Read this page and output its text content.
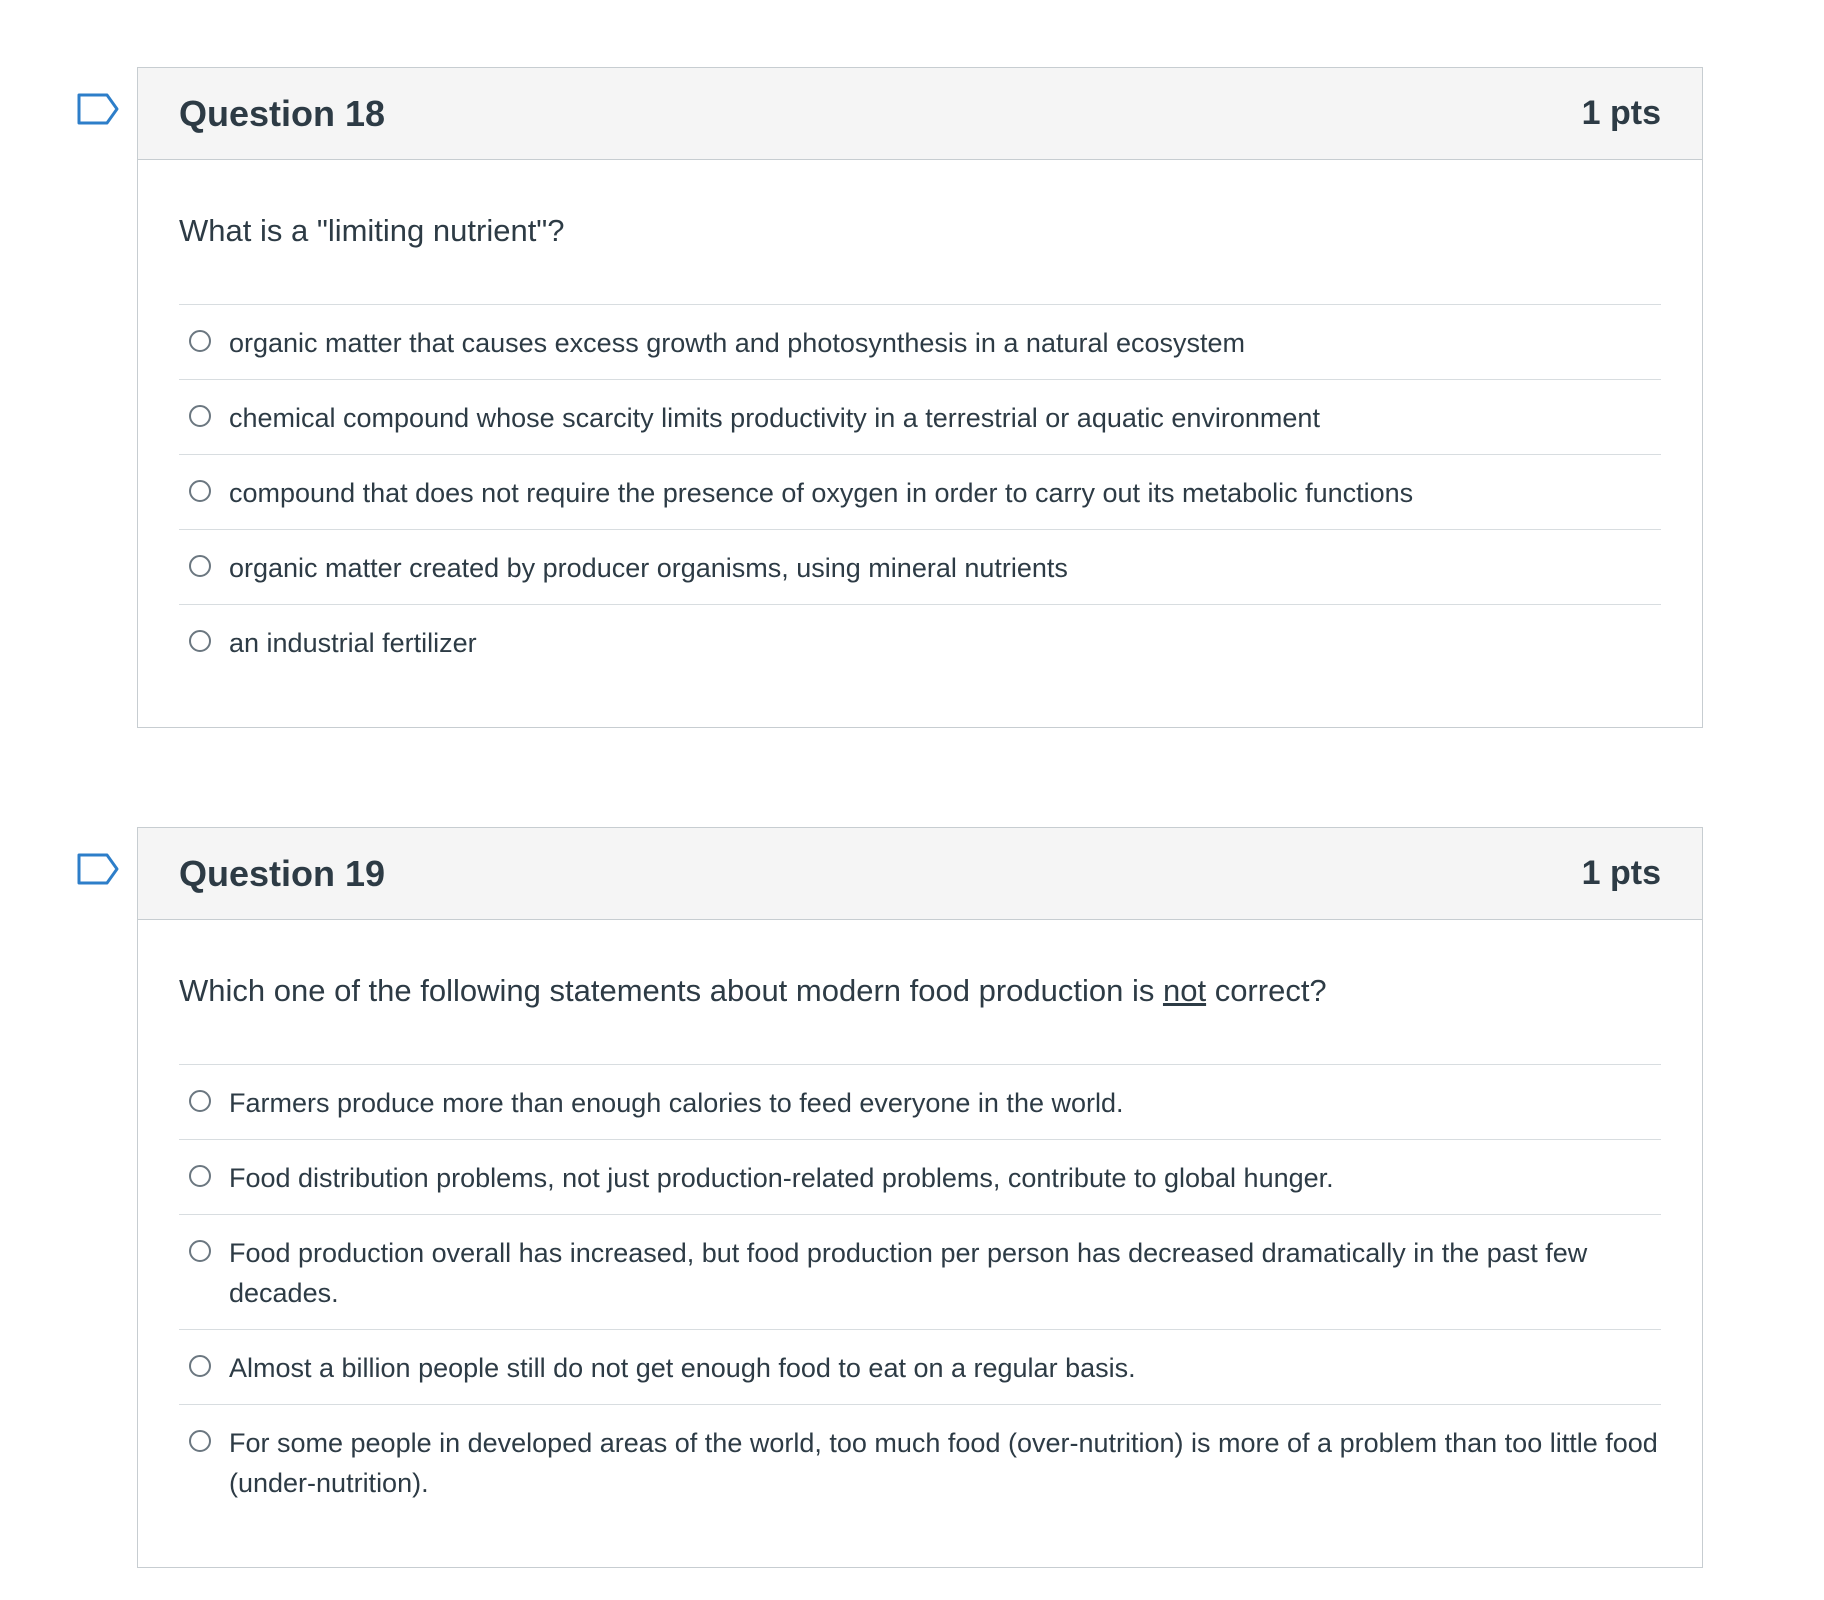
Question 18	1 pts

What is a "limiting nutrient"?

organic matter that causes excess growth and photosynthesis in a natural ecosystem
chemical compound whose scarcity limits productivity in a terrestrial or aquatic environment
compound that does not require the presence of oxygen in order to carry out its metabolic functions
organic matter created by producer organisms, using mineral nutrients
an industrial fertilizer
Question 19	1 pts

Which one of the following statements about modern food production is not correct?

Farmers produce more than enough calories to feed everyone in the world.
Food distribution problems, not just production-related problems, contribute to global hunger.
Food production overall has increased, but food production per person has decreased dramatically in the past few decades.
Almost a billion people still do not get enough food to eat on a regular basis.
For some people in developed areas of the world, too much food (over-nutrition) is more of a problem than too little food (under-nutrition).
